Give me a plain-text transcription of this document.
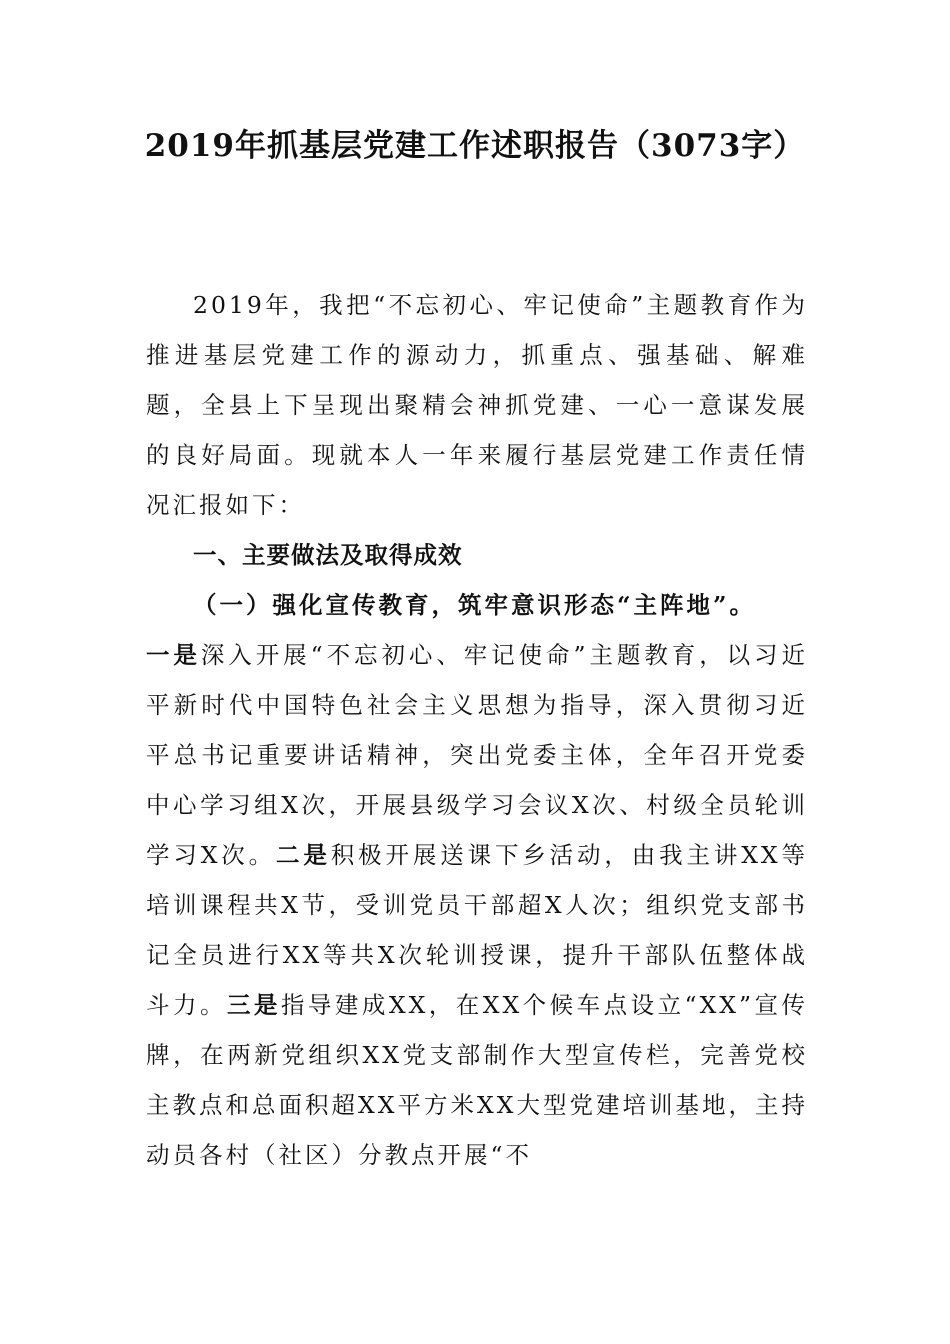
2019年抓基层党建工作述职报告（3073字）

2019年，我把“不忘初心、牢记使命”主题教育作为推进基层党建工作的源动力，抓重点、强基础、解难题，全县上下呈现出聚精会神抓党建、一心一意谋发展的良好局面。现就本人一年来履行基层党建工作责任情况汇报如下：

一、主要做法及取得成效

（一）强化宣传教育，筑牢意识形态“主阵地”。

一是深入开展“不忘初心、牢记使命”主题教育，以习近平新时代中国特色社会主义思想为指导，深入贯彻习近平总书记重要讲话精神，突出党委主体，全年召开党委中心学习组X次，开展县级学习会议X次、村级全员轮训学习X次。二是积极开展送课下乡活动，由我主讲XX等培训课程共X节，受训党员干部超X人次；组织党支部书记全员进行XX等共X次轮训授课，提升干部队伍整体战斗力。三是指导建成XX，在XX个候车点设立“XX”宣传牌，在两新党组织XX党支部制作大型宣传栏，完善党校主教点和总面积超XX平方米XX大型党建培训基地，主持动员各村（社区）分教点开展“不
